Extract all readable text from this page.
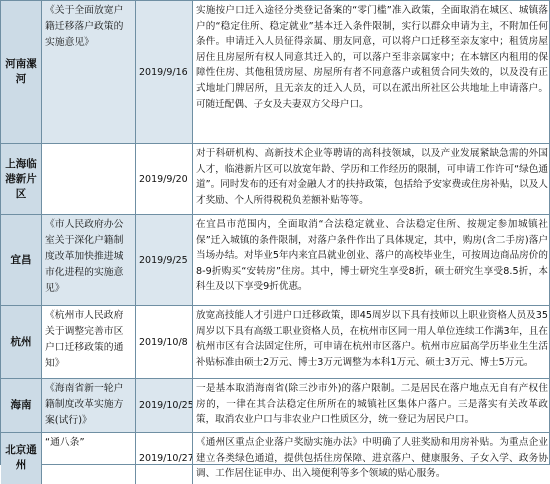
河南漯河
《关于全面放宽户籍迁移落户政策的实施意见》
2019/9/16
实施按户口迁入途径分类登记备案的“零门槛”准入政策，全面取消在城区、城镇落户的“稳定住所、稳定就业”基本迁入条件限制，实行以群众申请为主，不附加任何条件。申请迁入人员征得亲属、朋友同意，可以将户口迁移至亲友家中；租赁房屋居住且房屋所有权人同意其迁入的，可以落户至非亲属家中；在本辖区内租用的保障性住房、其他租赁房屋、房屋所有者不同意落户或租赁合同失效的，以及没有正式地址门牌居所，且无亲友的迁入人员，可以在派出所社区公共地址上申请落户。可随迁配偶、子女及夫妻双方父母户口。
上海临港新片区
2019/9/20
对于科研机构、高新技术企业等聘请的高科技领域，以及产业发展紧缺急需的外国人才，临港新片区可以放宽年龄、学历和工作经历的限制，可申请工作许可“绿色通道”。同时发布的还有对金融人才的扶持政策，包括给予安家费或住房补贴，以及人才奖励、个人所得税税负差额补贴等等。
宜昌
《市人民政府办公室关于深化户籍制度改革加快推进城市化进程的实施意见》
2019/9/25
在宜昌市范围内，全面取消“合法稳定就业、合法稳定住所、按规定参加城镇社保”迁入城镇的条件限制，对落户条件作出了具体规定，其中，购房(含二手房)落户当场办结。对毕业5年内来宜昌就业创业、落户的高校毕业生，可按周边商品房价的8-9折购买“安转房”住房。其中，博士研究生享受8折，硕士研究生享受8.5折，本科生及以下享受9折优惠。
杭州
《杭州市人民政府关于调整完善市区户口迁移政策的通知》
2019/10/8
放宽高技能人才引进户口迁移政策，即45周岁以下具有技师以上职业资格人员及35周岁以下具有高级工职业资格人员，在杭州市区同一用人单位连续工作满3年，且在杭州市区有合法固定住所，可申请在杭州市区落户。杭州市应届高学历毕业生生活补贴标准由硕士2万元、博士3万元调整为本科1万元、硕士3万元、博士5万元。
海南
《海南省新一轮户籍制度改革实施方案(试行)》
2019/10/25
一是基本取消海南省(除三沙市外)的落户限制。二是居民在落户地点无自有产权住房的，一律在其合法稳定住所所在的城镇社区集体户落户。三是落实有关改革政策，取消农业户口与非农业户口性质区分，统一登记为居民户口。
北京通州
“通八条”
2019/10/27
《通州区重点企业落户奖励实施办法》中明确了人驻奖励和用房补贴。为重点企业建立各类绿色通道，提供包括住房保障、进京落户、健康服务、子女入学、政务协调、工作居住证申办、出入境便利等多个领域的贴心服务。
